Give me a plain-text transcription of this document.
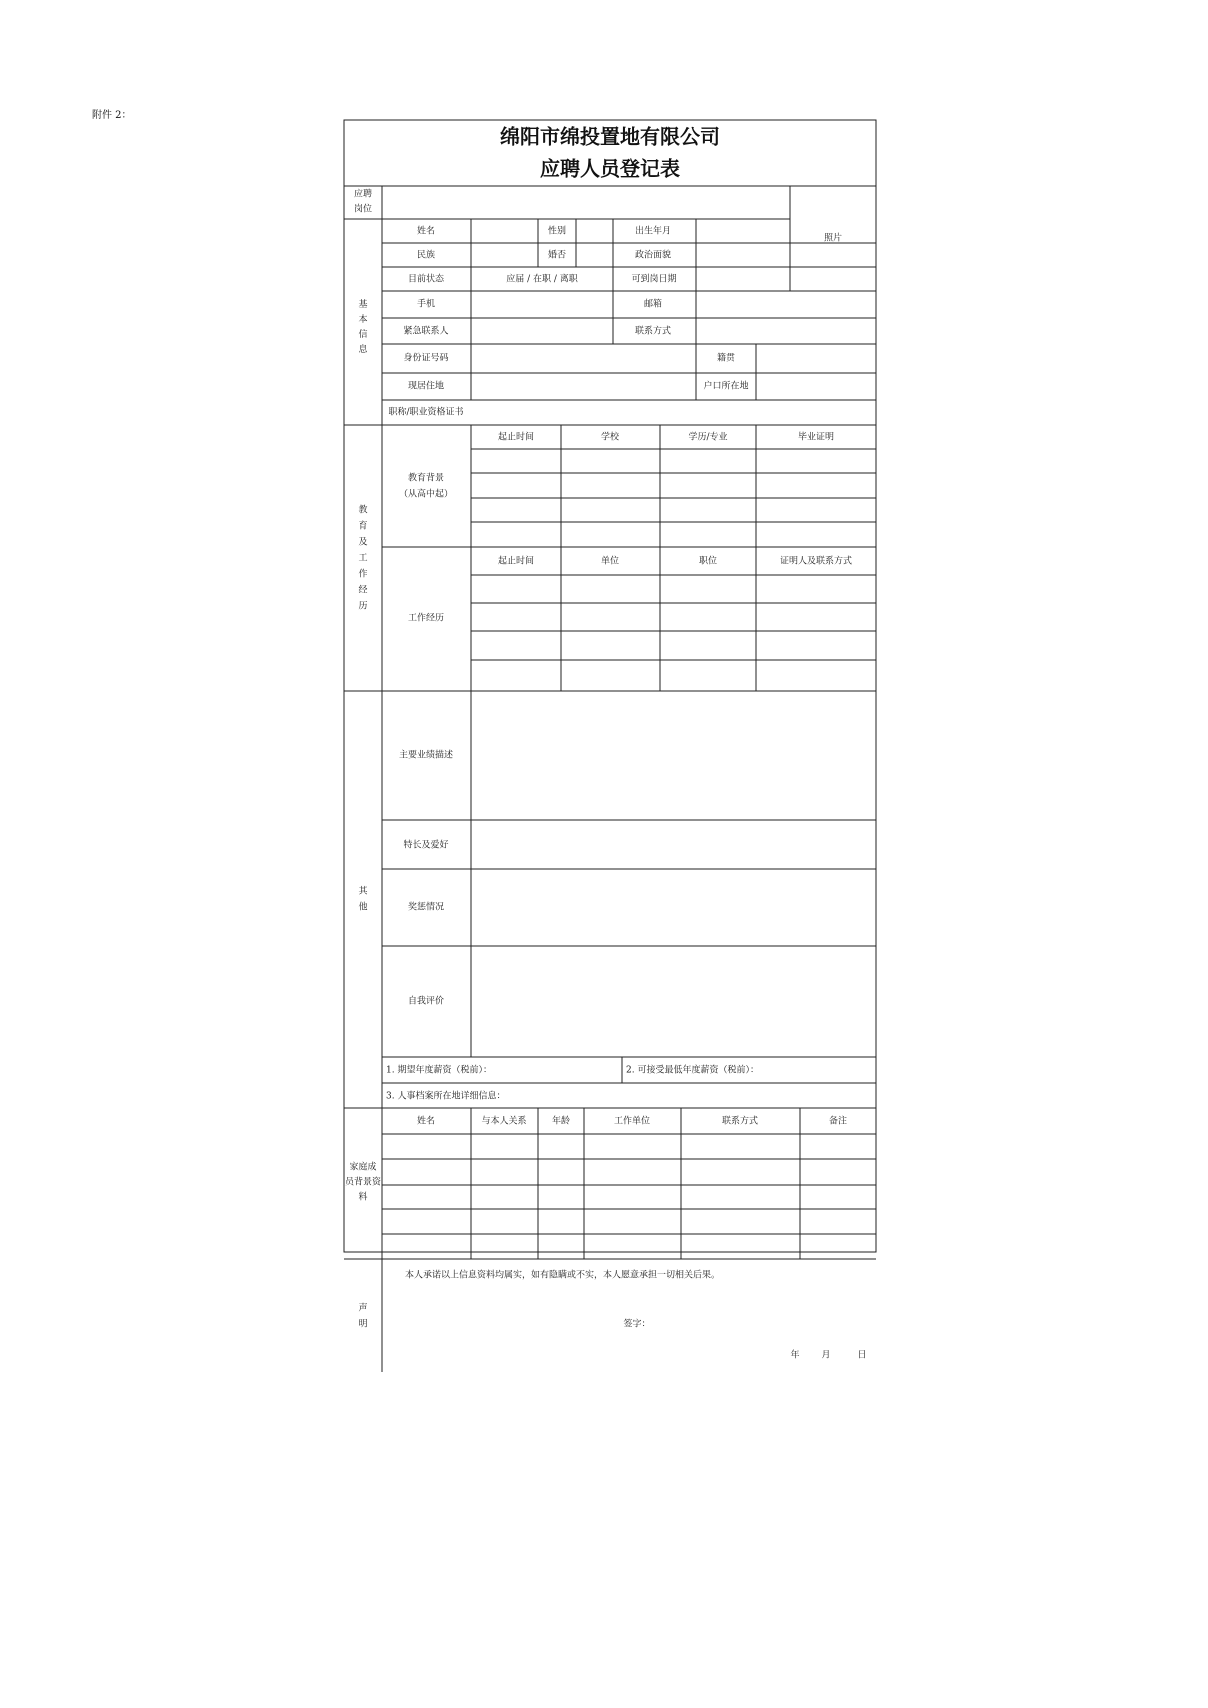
附件 2：
绵阳市绵投置地有限公司
应聘人员登记表
应聘
岗位
照片
基
本
信
息
姓名	性别	出生年月
民族	婚否	政治面貌
目前状态	应届 / 在职 / 离职	可到岗日期
手机	邮箱
紧急联系人	联系方式
身份证号码	籍贯
现居住地	户口所在地
职称/职业资格证书
教
育
及
工
作
经
历
教育背景
（从高中起）
起止时间	学校	学历/专业	毕业证明
工作经历
起止时间	单位	职位	证明人及联系方式
其
他
主要业绩描述
特长及爱好
奖惩情况
自我评价
1. 期望年度薪资（税前）：	2. 可接受最低年度薪资（税前）：
3. 人事档案所在地详细信息：
家庭成
员背景资
料
姓名	与本人关系	年龄	工作单位	联系方式	备注
声
明
本人承诺以上信息资料均属实，如有隐瞒或不实，本人愿意承担一切相关后果。
签字：
年 月	日
